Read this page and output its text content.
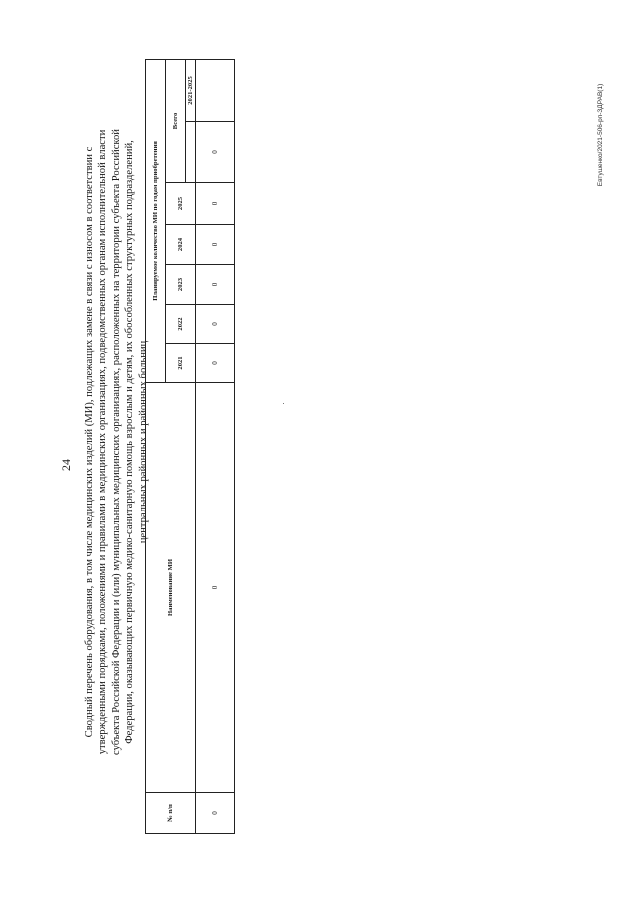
24 Сводный перечень оборудования, в том числе медицинских изделий (МИ), подлежащих замене в связи с износом в соответствии с утвержденными порядками, положениями и правилами в медицинских организациях, подведомственных органам исполнительной власти субъекта Российской Федерации и (или) муниципальных медицинских организациях, расположенных на территории субъекта Российской Федерации, оказывающих первичную медико-санитарную помощь взрослым и детям, их обособленных структурных подразделений, центральных районных и районных больниц
№ п/п	Наименование МИ	Планируемое количество МИ по годам приобретения						
		2021	2022	2023	2024	2025	Всего	
								2021-2025
0	0	0	0	0	0	0	0		Евтушенко/2021-506-рп-ЗДРАВ(1)
